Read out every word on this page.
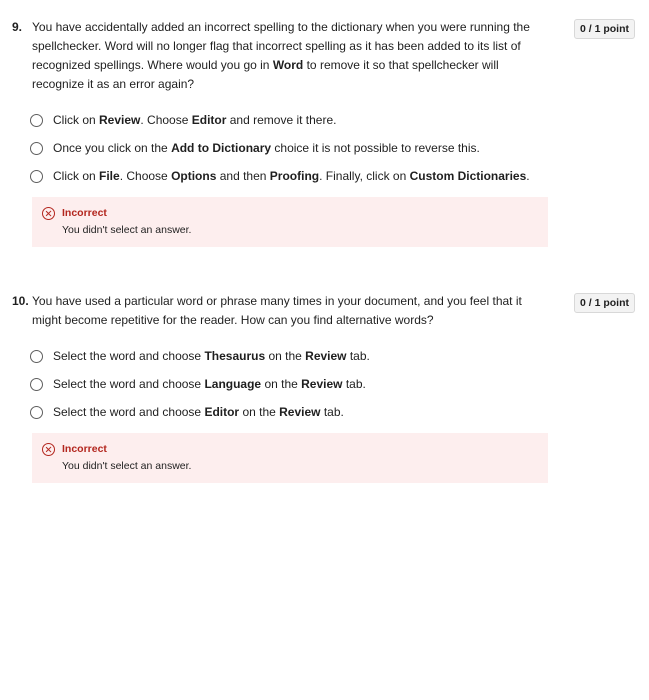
9. You have accidentally added an incorrect spelling to the dictionary when you were running the spellchecker. Word will no longer flag that incorrect spelling as it has been added to its list of recognized spellings. Where would you go in Word to remove it so that spellchecker will recognize it as an error again?
0 / 1 point
Click on Review. Choose Editor and remove it there.
Once you click on the Add to Dictionary choice it is not possible to reverse this.
Click on File. Choose Options and then Proofing. Finally, click on Custom Dictionaries.
Incorrect
You didn't select an answer.
10. You have used a particular word or phrase many times in your document, and you feel that it might become repetitive for the reader. How can you find alternative words?
0 / 1 point
Select the word and choose Thesaurus on the Review tab.
Select the word and choose Language on the Review tab.
Select the word and choose Editor on the Review tab.
Incorrect
You didn't select an answer.
